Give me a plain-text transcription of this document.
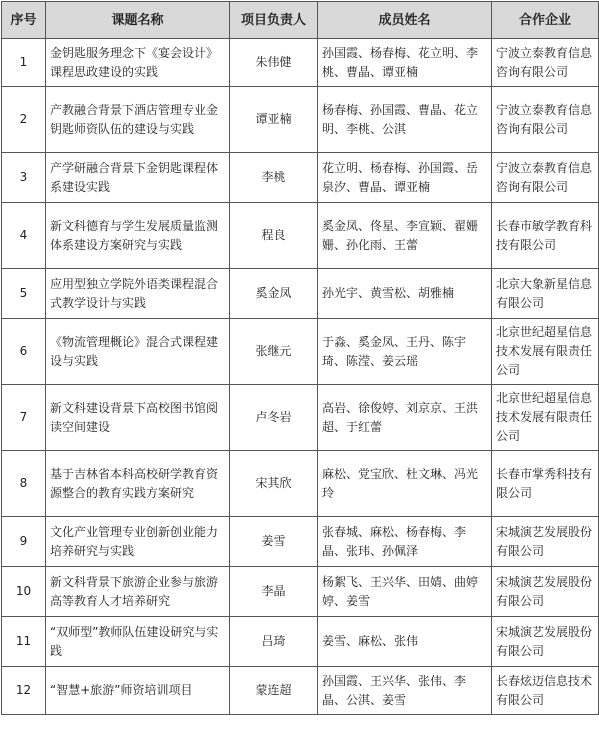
序号	课题名称	项目负责人	成员姓名	合作企业
1	金钥匙服务理念下《宴会设计》课程思政建设的实践	朱伟健	孙国霞、杨春梅、花立明、李桃、曹晶、谭亚楠	宁波立泰教育信息咨询有限公司
2	产教融合背景下酒店管理专业金钥匙师资队伍的建设与实践	谭亚楠	杨春梅、孙国霞、曹晶、花立明、李桃、公淇	宁波立泰教育信息咨询有限公司
3	产学研融合背景下金钥匙课程体系建设实践	李桃	花立明、杨春梅、孙国霞、岳泉汐、曹晶、谭亚楠	宁波立泰教育信息咨询有限公司
4	新文科德育与学生发展质量监测体系建设方案研究与实践	程良	奚金凤、佟星、李宣颖、翟姗姗、孙化雨、王蕾	长春市敏学教育科技有限公司
5	应用型独立学院外语类课程混合式教学设计与实践	奚金凤	孙光宇、黄雪松、胡雅楠	北京大象新星信息有限公司
6	《物流管理概论》混合式课程建设与实践	张继元	于淼、奚金凤、王丹、陈宇琦、陈滢、姜云瑶	北京世纪超星信息技术发展有限责任公司
7	新文科建设背景下高校图书馆阅读空间建设	卢冬岩	高岩、徐俊婷、刘京京、王洪超、于红蕾	北京世纪超星信息技术发展有限责任公司
8	基于吉林省本科高校研学教育资源整合的教育实践方案研究	宋其欣	麻松、党宝欣、杜文琳、冯光玲	长春市掌秀科技有限公司
9	文化产业管理专业创新创业能力培养研究与实践	姜雪	张春城、麻松、杨春梅、李晶、张玮、孙佩泽	宋城演艺发展股份有限公司
10	新文科背景下旅游企业参与旅游高等教育人才培养研究	李晶	杨絮飞、王兴华、田婧、曲婷婷、姜雪	宋城演艺发展股份有限公司
11	“双师型”教师队伍建设研究与实践	吕琦	姜雪、麻松、张伟	宋城演艺发展股份有限公司
12	“智慧+旅游”师资培训项目	蒙连超	孙国霞、王兴华、张伟、李晶、公淇、姜雪	长春炫迈信息技术有限公司
